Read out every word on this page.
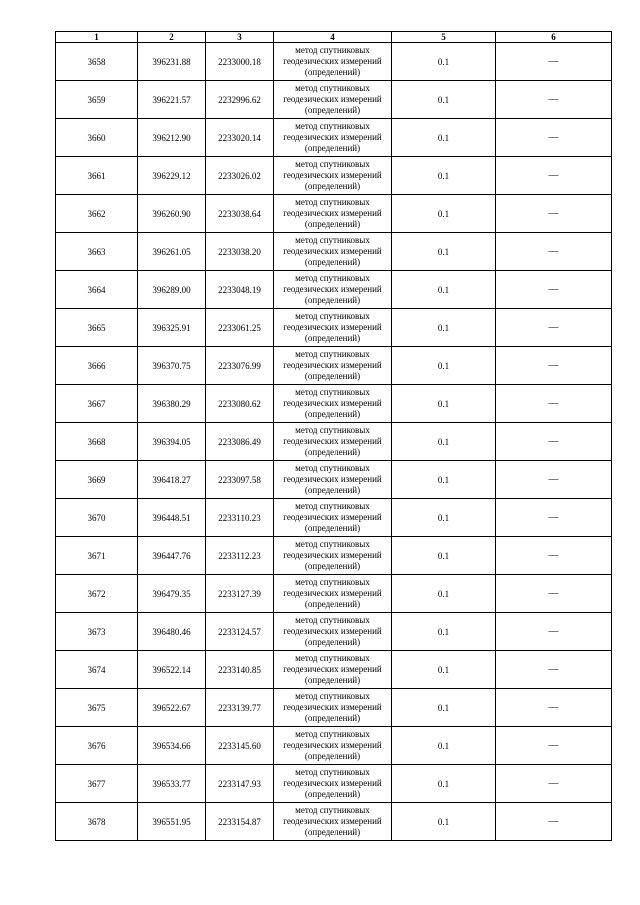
1	2	3	4	5	6
3658	396231.88	2233000.18	метод спутниковых
геодезических измерений
(определений)	0.1	—
3659	396221.57	2232996.62	метод спутниковых
геодезических измерений
(определений)	0.1	—
3660	396212.90	2233020.14	метод спутниковых
геодезических измерений
(определений)	0.1	—
3661	396229.12	2233026.02	метод спутниковых
геодезических измерений
(определений)	0.1	—
3662	396260.90	2233038.64	метод спутниковых
геодезических измерений
(определений)	0.1	—
3663	396261.05	2233038.20	метод спутниковых
геодезических измерений
(определений)	0.1	—
3664	396289.00	2233048.19	метод спутниковых
геодезических измерений
(определений)	0.1	—
3665	396325.91	2233061.25	метод спутниковых
геодезических измерений
(определений)	0.1	—
3666	396370.75	2233076.99	метод спутниковых
геодезических измерений
(определений)	0.1	—
3667	396380.29	2233080.62	метод спутниковых
геодезических измерений
(определений)	0.1	—
3668	396394.05	2233086.49	метод спутниковых
геодезических измерений
(определений)	0.1	—
3669	396418.27	2233097.58	метод спутниковых
геодезических измерений
(определений)	0.1	—
3670	396448.51	2233110.23	метод спутниковых
геодезических измерений
(определений)	0.1	—
3671	396447.76	2233112.23	метод спутниковых
геодезических измерений
(определений)	0.1	—
3672	396479.35	2233127.39	метод спутниковых
геодезических измерений
(определений)	0.1	—
3673	396480.46	2233124.57	метод спутниковых
геодезических измерений
(определений)	0.1	—
3674	396522.14	2233140.85	метод спутниковых
геодезических измерений
(определений)	0.1	—
3675	396522.67	2233139.77	метод спутниковых
геодезических измерений
(определений)	0.1	—
3676	396534.66	2233145.60	метод спутниковых
геодезических измерений
(определений)	0.1	—
3677	396533.77	2233147.93	метод спутниковых
геодезических измерений
(определений)	0.1	—
3678	396551.95	2233154.87	метод спутниковых
геодезических измерений
(определений)	0.1	—
